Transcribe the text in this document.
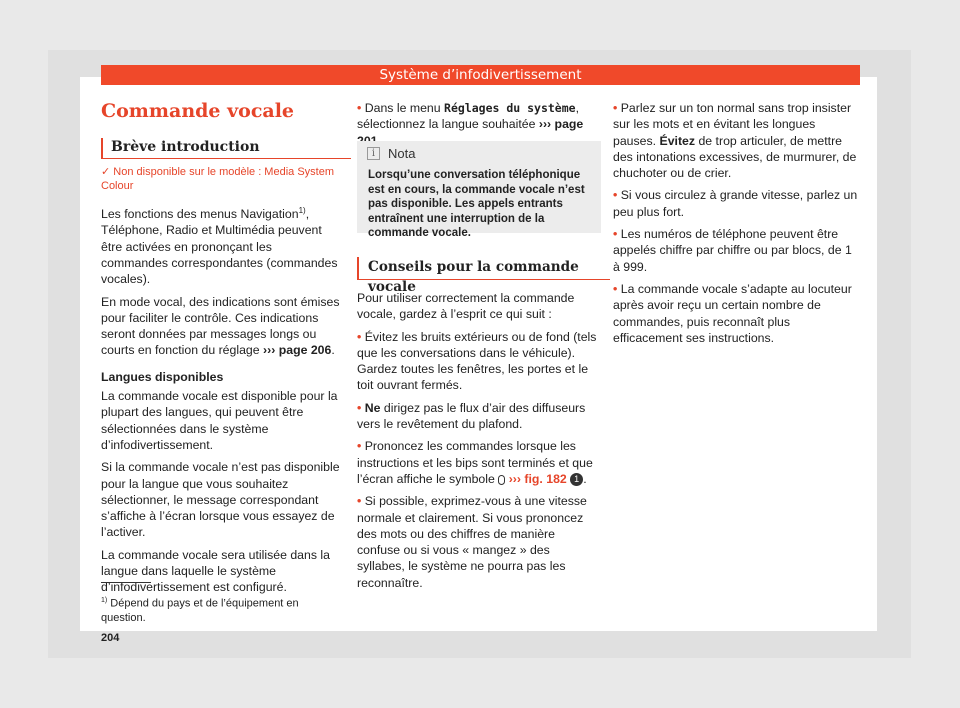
Système d’infodivertissement
Commande vocale
Brève introduction

✓ Non disponible sur le modèle : Media System Colour

Les fonctions des menus Navigation$^{1)}$, Téléphone, Radio et Multimédia peuvent être activées en prononçant les commandes correspondantes (commandes vocales).

En mode vocal, des indications sont émises pour faciliter le contrôle. Ces indications seront données par messages longs ou courts en fonction du réglage ››› page 206.

Langues disponibles

La commande vocale est disponible pour la plupart des langues, qui peuvent être sélectionnées dans le système d’infodivertissement.

Si la commande vocale n’est pas disponible pour la langue que vous souhaitez sélectionner, le message correspondant s’affiche à l’écran lorsque vous essayez de l’activer.

La commande vocale sera utilisée dans la langue dans laquelle le système d’infodivertissement est configuré.

$^{1)}$ Dépend du pays et de l’équipement en question.
204

• Dans le menu Réglages du système, sélectionnez la langue souhaitée ››› page

i Nota
Lorsqu’une conversation téléphonique est en cours, la commande vocale n’est pas disponible. Les appels entrants entraînent une interruption de la commande vocale.
Conseils pour la commande vocale

Pour utiliser correctement la commande vocale, gardez à l’esprit ce qui suit :

• Évitez les bruits extérieurs ou de fond (tels que les conversations dans le véhicule). Gardez toutes les fenêtres, les portes et le toit ouvrant fermés.

• Ne dirigez pas le flux d’air des diffuseurs vers le revêtement du plafond.

• Prononcez les commandes lorsque les instructions et les bips sont terminés et que l’écran affiche le symbole  ››› fig. 182 1 .

• Si possible, exprimez-vous à une vitesse normale et clairement. Si vous prononcez des mots ou des chiffres de manière confuse ou si vous « mangez » des syllabes, le système ne pourra pas les reconnaître.

• Parlez sur un ton normal sans trop insister sur les mots et en évitant les longues pauses. Évitez de trop articuler, de mettre des intonations excessives, de murmurer, de chuchoter ou de crier.

• Si vous circulez à grande vitesse, parlez un peu plus fort.

• Les numéros de téléphone peuvent être appelés chiffre par chiffre ou par blocs, de 1 à 999.

• La commande vocale s’adapte au locuteur après avoir reçu un certain nombre de commandes, puis reconnaît plus efficacement ses instructions.
